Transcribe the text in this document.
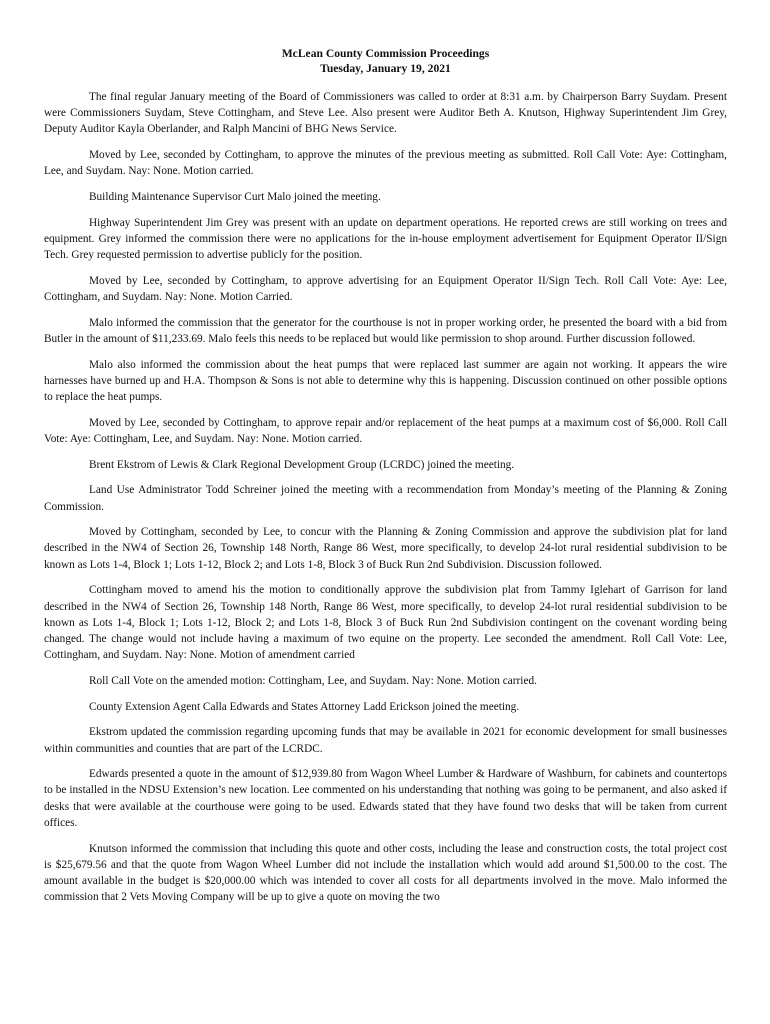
McLean County Commission Proceedings

Tuesday, January 19, 2021

The final regular January meeting of the Board of Commissioners was called to order at 8:31 a.m. by Chairperson Barry Suydam. Present were Commissioners Suydam, Steve Cottingham, and Steve Lee. Also present were Auditor Beth A. Knutson, Highway Superintendent Jim Grey, Deputy Auditor Kayla Oberlander, and Ralph Mancini of BHG News Service.

Moved by Lee, seconded by Cottingham, to approve the minutes of the previous meeting as submitted. Roll Call Vote: Aye: Cottingham, Lee, and Suydam. Nay: None. Motion carried.

Building Maintenance Supervisor Curt Malo joined the meeting.

Highway Superintendent Jim Grey was present with an update on department operations. He reported crews are still working on trees and equipment. Grey informed the commission there were no applications for the in-house employment advertisement for Equipment Operator II/Sign Tech. Grey requested permission to advertise publicly for the position.

Moved by Lee, seconded by Cottingham, to approve advertising for an Equipment Operator II/Sign Tech. Roll Call Vote: Aye: Lee, Cottingham, and Suydam. Nay: None. Motion Carried.

Malo informed the commission that the generator for the courthouse is not in proper working order, he presented the board with a bid from Butler in the amount of $11,233.69. Malo feels this needs to be replaced but would like permission to shop around. Further discussion followed.

Malo also informed the commission about the heat pumps that were replaced last summer are again not working. It appears the wire harnesses have burned up and H.A. Thompson & Sons is not able to determine why this is happening. Discussion continued on other possible options to replace the heat pumps.

Moved by Lee, seconded by Cottingham, to approve repair and/or replacement of the heat pumps at a maximum cost of $6,000. Roll Call Vote: Aye: Cottingham, Lee, and Suydam. Nay: None. Motion carried.

Brent Ekstrom of Lewis & Clark Regional Development Group (LCRDC) joined the meeting.

Land Use Administrator Todd Schreiner joined the meeting with a recommendation from Monday’s meeting of the Planning & Zoning Commission.

Moved by Cottingham, seconded by Lee, to concur with the Planning & Zoning Commission and approve the subdivision plat for land described in the NW4 of Section 26, Township 148 North, Range 86 West, more specifically, to develop 24-lot rural residential subdivision to be known as Lots 1-4, Block 1; Lots 1-12, Block 2; and Lots 1-8, Block 3 of Buck Run 2nd Subdivision. Discussion followed.

Cottingham moved to amend his the motion to conditionally approve the subdivision plat from Tammy Iglehart of Garrison for land described in the NW4 of Section 26, Township 148 North, Range 86 West, more specifically, to develop 24-lot rural residential subdivision to be known as Lots 1-4, Block 1; Lots 1-12, Block 2; and Lots 1-8, Block 3 of Buck Run 2nd Subdivision contingent on the covenant wording being changed. The change would not include having a maximum of two equine on the property. Lee seconded the amendment. Roll Call Vote: Lee, Cottingham, and Suydam. Nay: None. Motion of amendment carried

Roll Call Vote on the amended motion: Cottingham, Lee, and Suydam. Nay: None. Motion carried.

County Extension Agent Calla Edwards and States Attorney Ladd Erickson joined the meeting.

Ekstrom updated the commission regarding upcoming funds that may be available in 2021 for economic development for small businesses within communities and counties that are part of the LCRDC.

Edwards presented a quote in the amount of $12,939.80 from Wagon Wheel Lumber & Hardware of Washburn, for cabinets and countertops to be installed in the NDSU Extension’s new location. Lee commented on his understanding that nothing was going to be permanent, and also asked if desks that were available at the courthouse were going to be used. Edwards stated that they have found two desks that will be taken from current offices.

Knutson informed the commission that including this quote and other costs, including the lease and construction costs, the total project cost is $25,679.56 and that the quote from Wagon Wheel Lumber did not include the installation which would add around $1,500.00 to the cost. The amount available in the budget is $20,000.00 which was intended to cover all costs for all departments involved in the move. Malo informed the commission that 2 Vets Moving Company will be up to give a quote on moving the two
